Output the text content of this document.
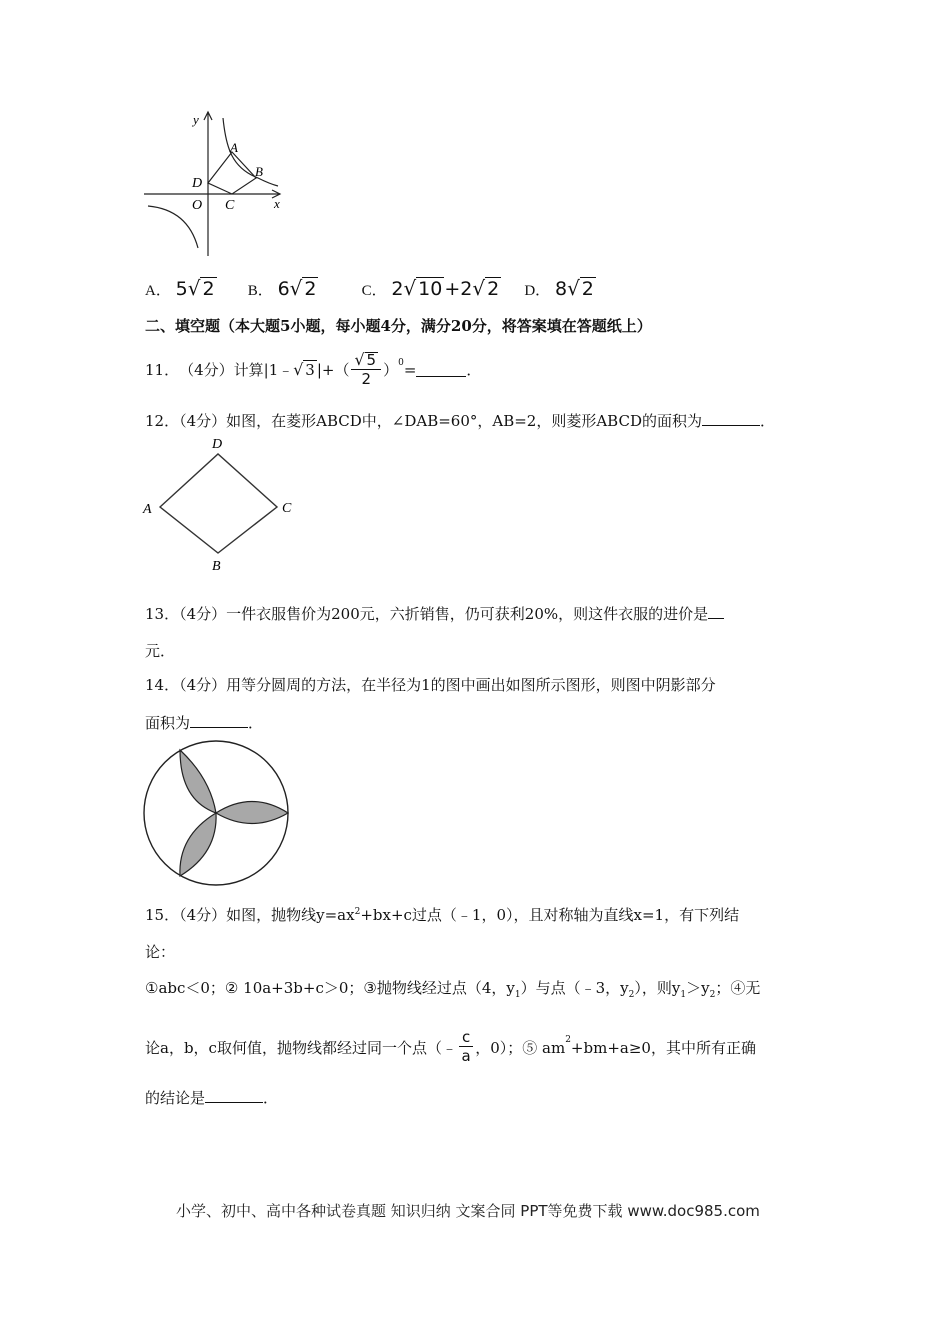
y
x
O
A
B
C
D
A． 5 √ 2 B． 6 √ 2	C． 2 √ 10 +2 √ 2 D． 8 √ 2
二、填空题（本大题5小题，每小题4分，满分20分，将答案填在答题纸上）
11． （4分） 计算|1﹣ √ 3 |+（ $\frac{√ 5}{2} )^0$ =	．
12．（4分）如图，在菱形ABCD中，∠DAB=60°，AB=2，则菱形ABCD的面积为	．
A
B
C
D
13．（4分）一件衣服售价为200元，六折销售，仍可获利20%，则这件衣服的进价是
元．
14．（4分）用等分圆周的方法，在半径为1的图中画出如图所示图形，则图中阴影部分
面积为	．
15．（4分）如图，抛物线$y=ax^2+bx+c$过点（﹣1，0），且对称轴为直线x=1，有下列结
论：
①abc＜0；② 10a+3b+c＞0；③抛物线经过点（4，$y_1$）与点（﹣3，$y_2$），则$y_1>y_2$；④无
论a，b，c取何值，抛物线都经过同一个点（﹣ $\frac{c}{a}$ ，0）；⑤ $am^2 +bm+a\ge 0$，其中所有正确
的结论是	．
小学、初中、高中各种试卷真题 知识归纳 文案合同 PPT等免费下载 www.doc985.com
